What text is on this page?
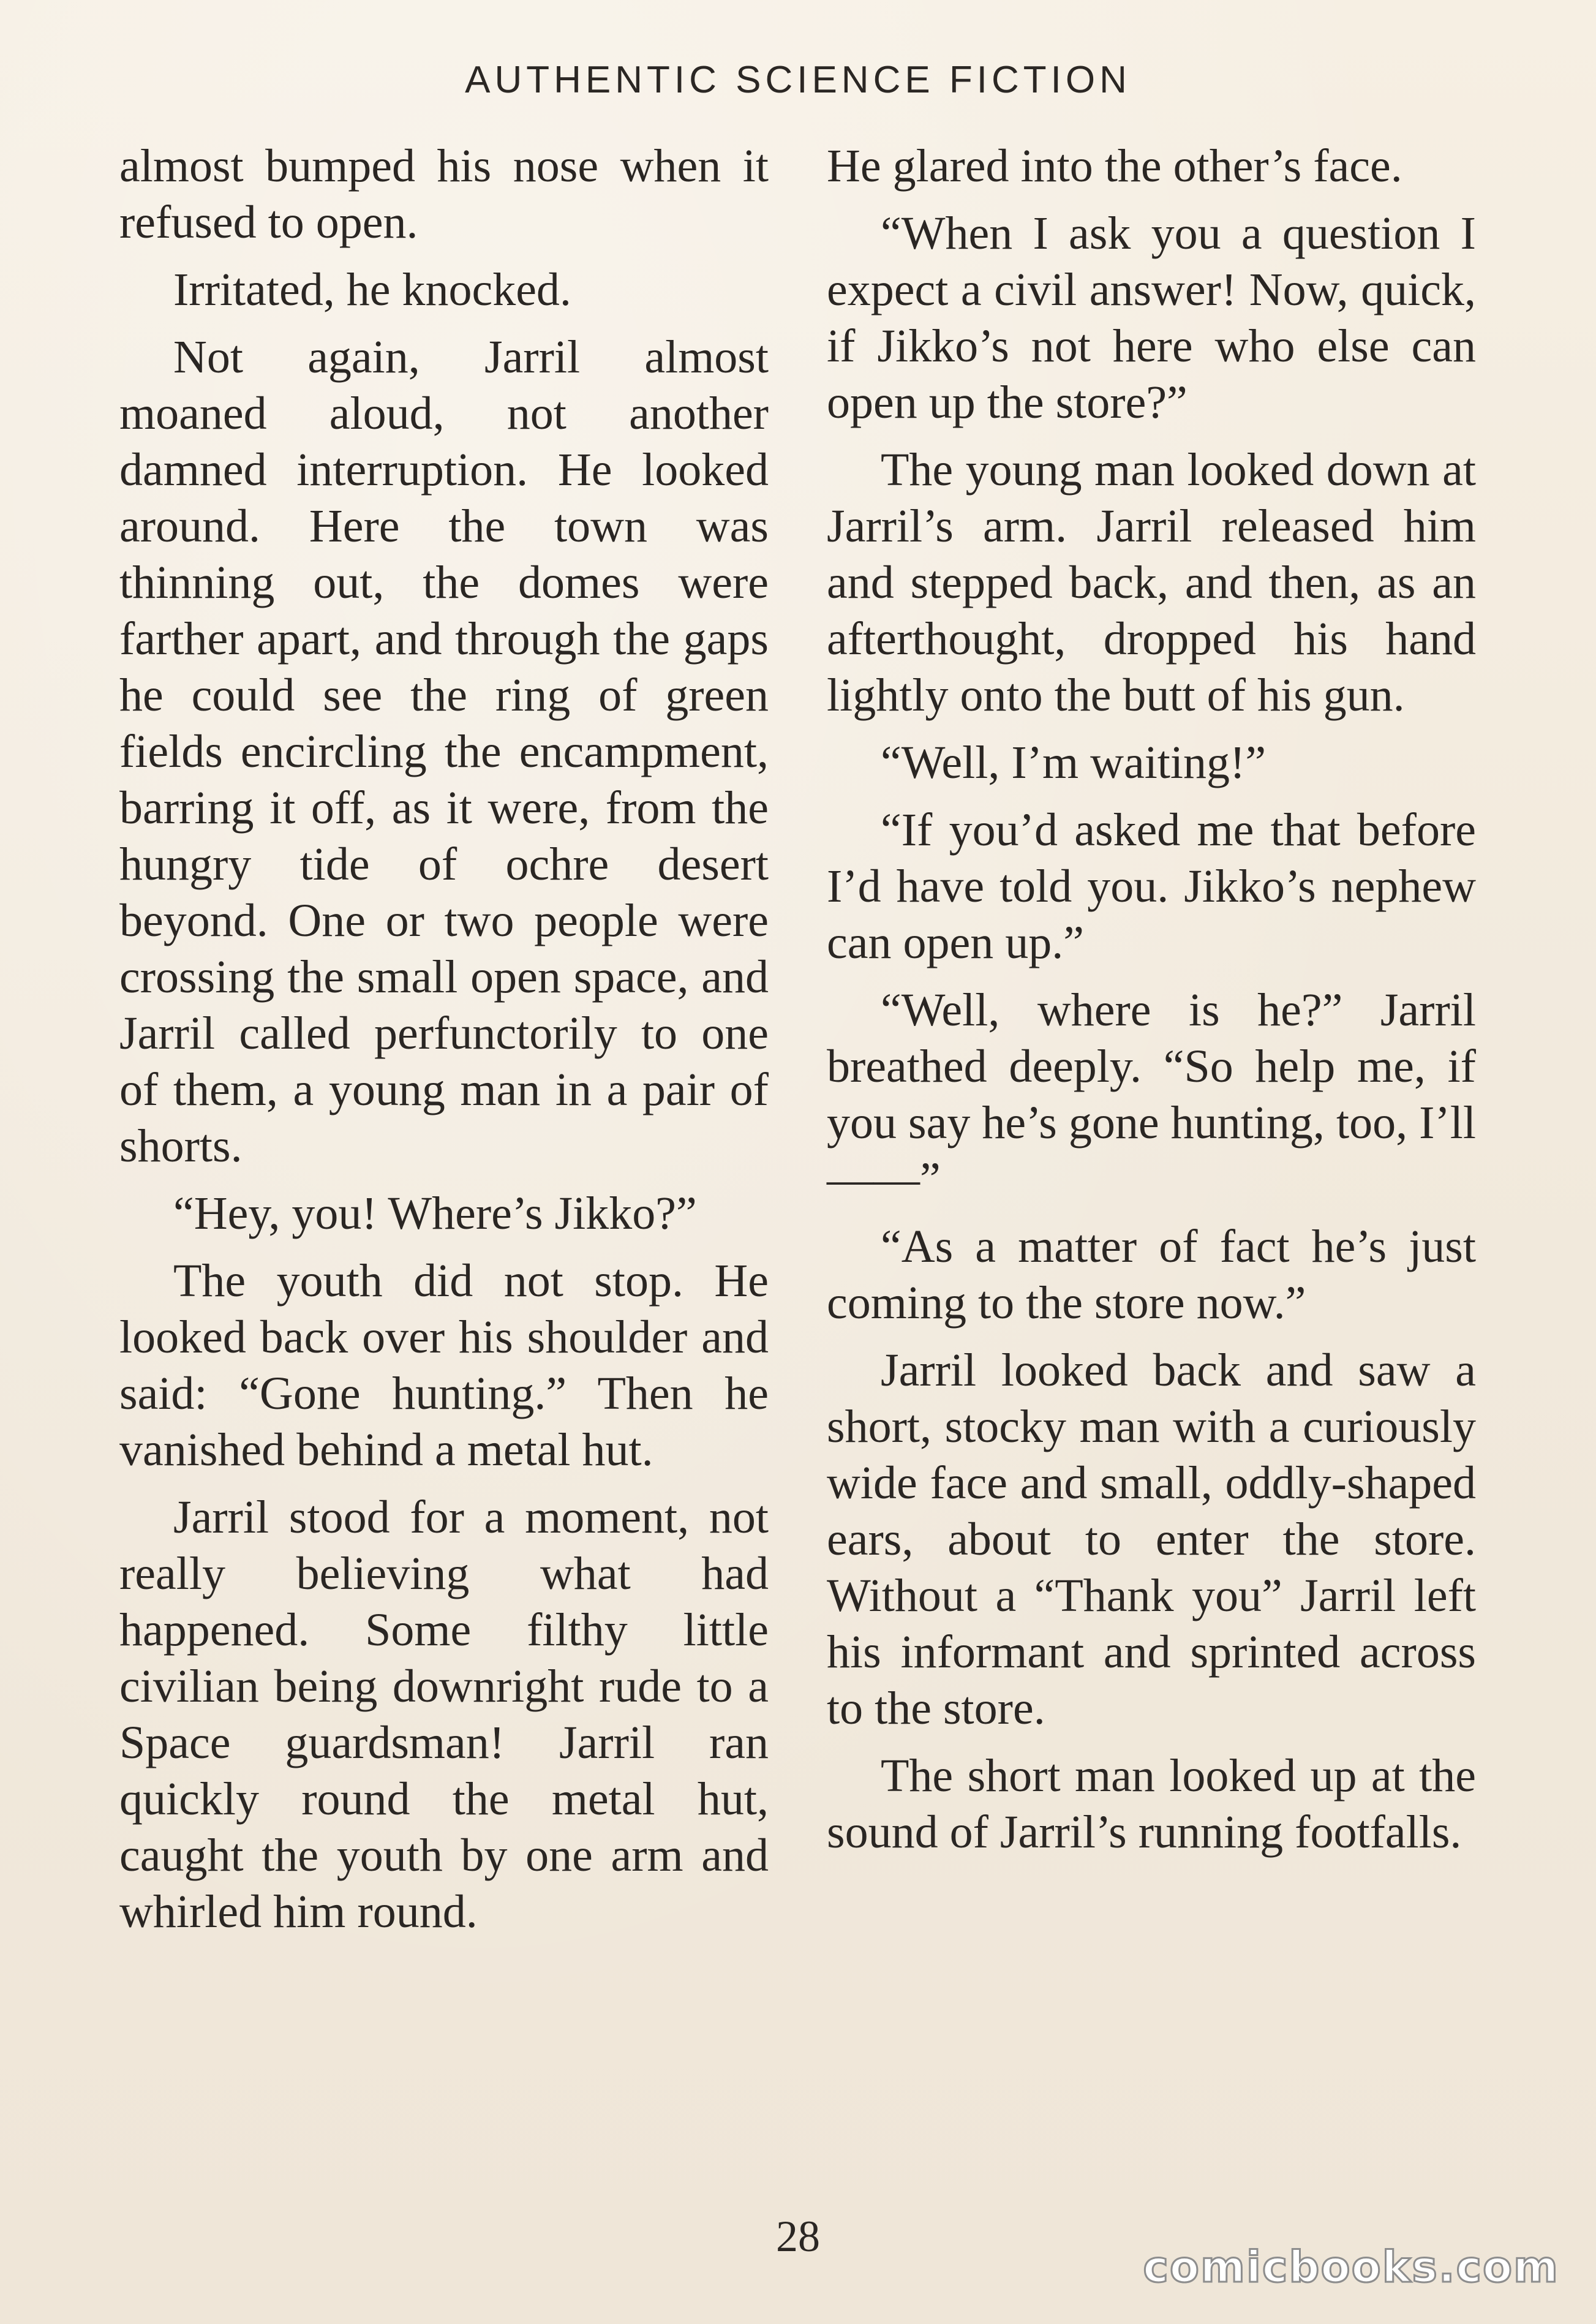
AUTHENTIC SCIENCE FICTION

almost bumped his nose when it refused to open.

Irritated, he knocked.

Not again, Jarril almost moaned aloud, not another damned interruption. He looked around. Here the town was thinning out, the domes were farther apart, and through the gaps he could see the ring of green fields encircling the encampment, barring it off, as it were, from the hungry tide of ochre desert beyond. One or two people were crossing the small open space, and Jarril called perfunctorily to one of them, a young man in a pair of shorts.

“Hey, you! Where’s Jikko?”

The youth did not stop. He looked back over his shoulder and said: “Gone hunting.” Then he vanished behind a metal hut.

Jarril stood for a moment, not really believing what had happened. Some filthy little civilian being downright rude to a Space guardsman! Jarril ran quickly round the metal hut, caught the youth by one arm and whirled him round.

He glared into the other’s face.

“When I ask you a question I expect a civil answer! Now, quick, if Jikko’s not here who else can open up the store?”

The young man looked down at Jarril’s arm. Jarril released him and stepped back, and then, as an afterthought, dropped his hand lightly onto the butt of his gun.

“Well, I’m waiting!”

“If you’d asked me that before I’d have told you. Jikko’s nephew can open up.”

“Well, where is he?” Jarril breathed deeply. “So help me, if you say he’s gone hunting, too, I’ll——”

“As a matter of fact he’s just coming to the store now.”

Jarril looked back and saw a short, stocky man with a curiously wide face and small, oddly-shaped ears, about to enter the store. Without a “Thank you” Jarril left his informant and sprinted across to the store.

The short man looked up at the sound of Jarril’s running footfalls.

28
comicbooks.com
